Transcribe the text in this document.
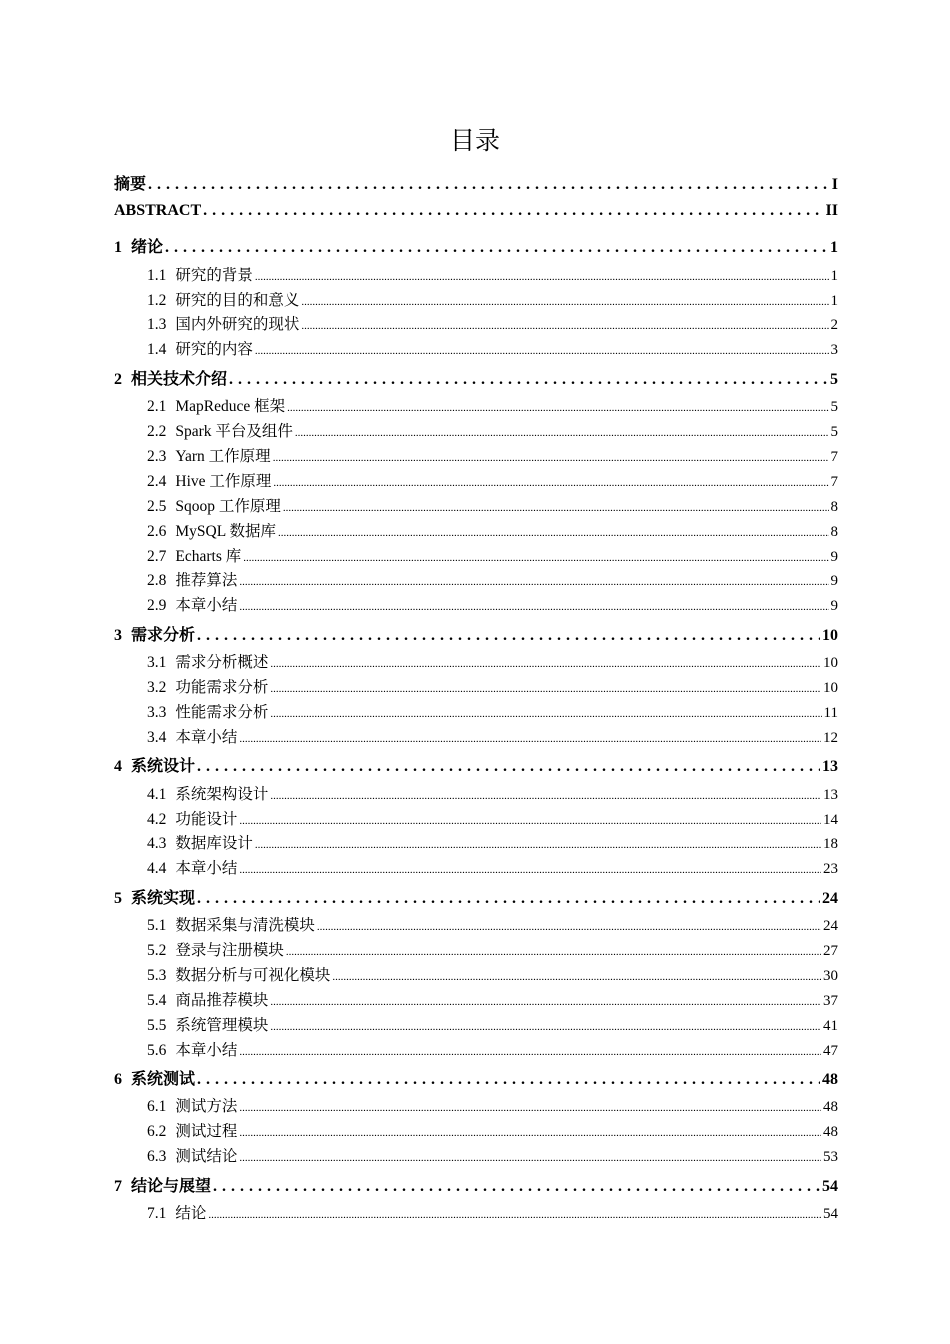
目录
摘要 . . .	I
ABSTRACT . . .	II
1 绪论 . . .	1
1.1 研究的背景 .....	1
1.2 研究的目的和意义 .....	1
1.3 国内外研究的现状 .....	2
1.4 研究的内容 .....	3
2 相关技术介绍 . . .	5
2.1 MapReduce 框架 .....	5
2.2 Spark 平台及组件 .....	5
2.3 Yarn 工作原理 .....	7
2.4 Hive 工作原理 .....	7
2.5 Sqoop 工作原理 .....	8
2.6 MySQL 数据库 .....	8
2.7 Echarts 库 .....	9
2.8 推荐算法 .....	9
2.9 本章小结 .....	9
3 需求分析 . . .	10
3.1 需求分析概述 .....	10
3.2 功能需求分析 .....	10
3.3 性能需求分析 .....	11
3.4 本章小结 .....	12
4 系统设计 . . .	13
4.1 系统架构设计 .....	13
4.2 功能设计 .....	14
4.3 数据库设计 .....	18
4.4 本章小结 .....	23
5 系统实现 . . .	24
5.1 数据采集与清洗模块 .....	24
5.2 登录与注册模块 .....	27
5.3 数据分析与可视化模块 .....	30
5.4 商品推荐模块 .....	37
5.5 系统管理模块 .....	41
5.6 本章小结 .....	47
6 系统测试 . . .	48
6.1 测试方法 .....	48
6.2 测试过程 .....	48
6.3 测试结论 .....	53
7 结论与展望 . . .	54
7.1 结论 .....	54
